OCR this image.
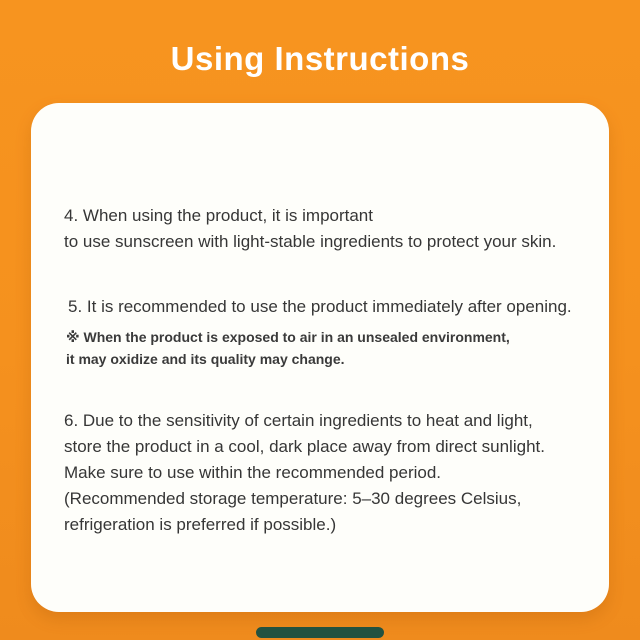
Using Instructions
4. When using the product, it is important
to use sunscreen with light-stable ingredients to protect your skin.
5. It is recommended to use the product immediately after opening.
※ When the product is exposed to air in an unsealed environment,
it may oxidize and its quality may change.
6. Due to the sensitivity of certain ingredients to heat and light,
store the product in a cool, dark place away from direct sunlight.
Make sure to use within the recommended period.
(Recommended storage temperature: 5–30 degrees Celsius,
refrigeration is preferred if possible.)
